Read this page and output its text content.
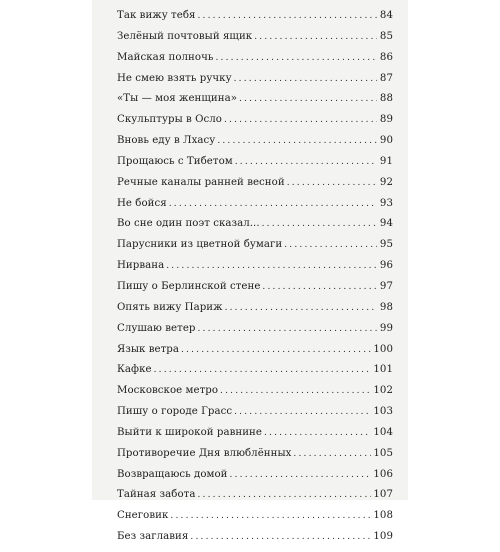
Так вижу тебя .....	84
Зелёный почтовый ящик .....	85
Майская полночь .....	86
Не смею взять ручку .....	87
«Ты — моя женщина» .....	88
Скульптуры в Осло .....	89
Вновь еду в Лхасу .....	90
Прощаюсь с Тибетом .....	91
Речные каналы ранней весной .....	92
Не бойся .....	93
Во сне один поэт сказал... .....	94
Парусники из цветной бумаги .....	95
Нирвана .....	96
Пишу о Берлинской стене .....	97
Опять вижу Париж .....	98
Слушаю ветер .....	99
Язык ветра .....	100
Кафке .....	101
Московское метро .....	102
Пишу о городе Грасс .....	103
Выйти к широкой равнине .....	104
Противоречие Дня влюблённых .....	105
Возвращаюсь домой .....	106
Тайная забота .....	107
Снеговик .....	108
Без заглавия .....	109
